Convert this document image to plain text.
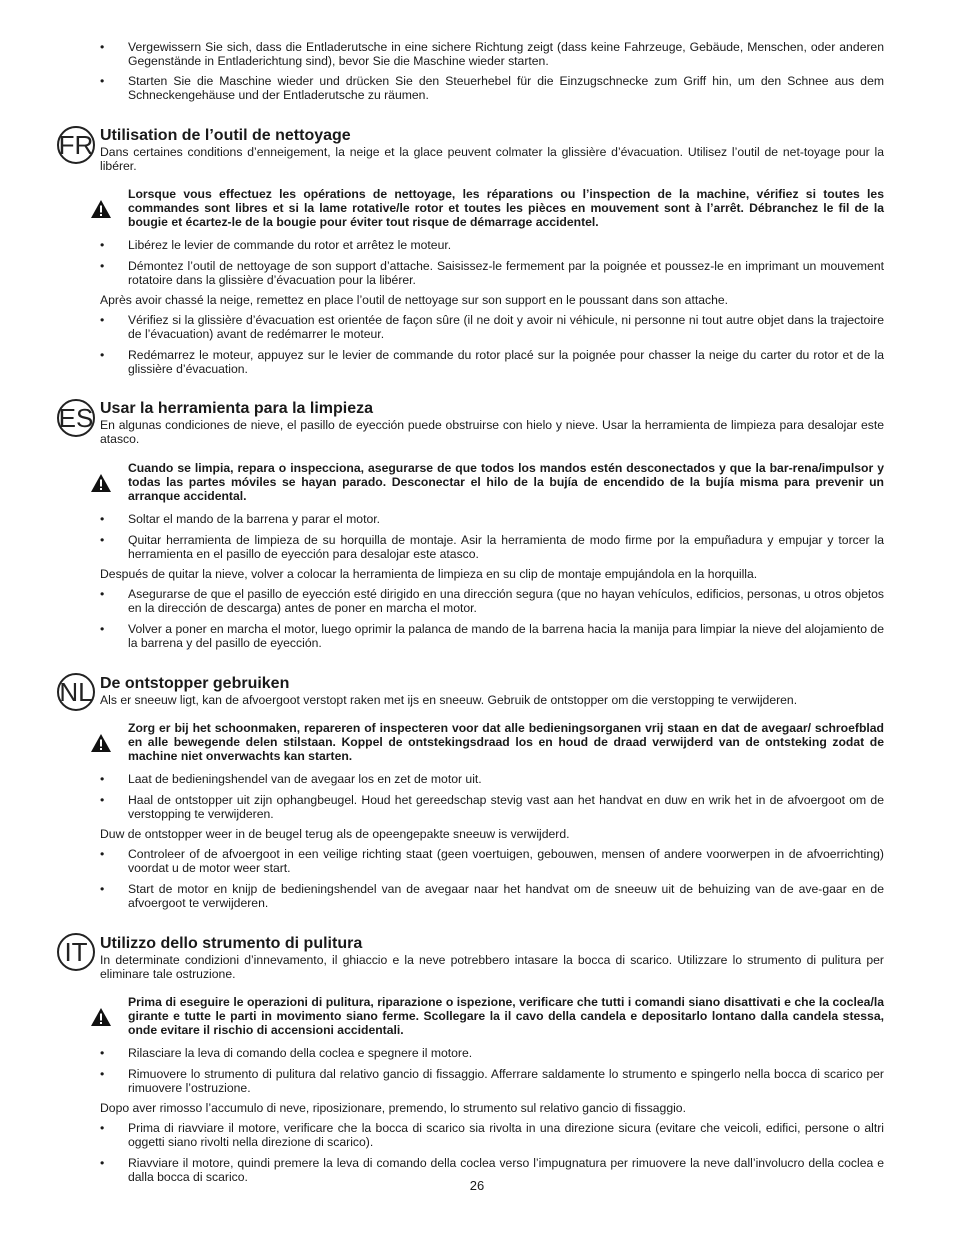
• Vergewissern Sie sich, dass die Entladerutsche in eine sichere Richtung zeigt (dass keine Fahrzeuge, Gebäude, Menschen, oder anderen Gegenstände in Entladerichtung sind), bevor Sie die Maschine wieder starten.

• Starten Sie die Maschine wieder und drücken Sie den Steuerhebel für die Einzugschnecke zum Griff hin, um den Schnee aus dem Schneckengehäuse und der Entladerutsche zu räumen.

FR Utilisation de l’outil de nettoyage

Dans certaines conditions d’enneigement, la neige et la glace peuvent colmater la glissière d’évacuation. Utilisez l’outil de net-toyage pour la libérer.

Lorsque vous effectuez les opérations de nettoyage, les réparations ou l’inspection de la machine, vérifiez si toutes les commandes sont libres et si la lame rotative/le rotor et toutes les pièces en mouvement sont à l’arrêt. Débranchez le fil de la bougie et écartez-le de la bougie pour éviter tout risque de démarrage accidentel.

• Libérez le levier de commande du rotor et arrêtez le moteur.

• Démontez l’outil de nettoyage de son support d’attache. Saisissez-le fermement par la poignée et poussez-le en imprimant un mouvement rotatoire dans la glissière d’évacuation pour la libérer.

Après avoir chassé la neige, remettez en place l’outil de nettoyage sur son support en le poussant dans son attache.

• Vérifiez si la glissière d’évacuation est orientée de façon sûre (il ne doit y avoir ni véhicule, ni personne ni tout autre objet dans la trajectoire de l’évacuation) avant de redémarrer le moteur.

• Redémarrez le moteur, appuyez sur le levier de commande du rotor placé sur la poignée pour chasser la neige du carter du rotor et de la glissière d’évacuation.

ES Usar la herramienta para la limpieza

En algunas condiciones de nieve, el pasillo de eyección puede obstruirse con hielo y nieve. Usar la herramienta de limpieza para desalojar este atasco.

Cuando se limpia, repara o inspecciona, asegurarse de que todos los mandos estén desconectados y que la bar-rena/impulsor y todas las partes móviles se hayan parado. Desconectar el hilo de la bujía de encendido de la bujía misma para prevenir un arranque accidental.

• Soltar el mando de la barrena y parar el motor.

• Quitar herramienta de limpieza de su horquilla de montaje. Asir la herramienta de modo firme por la empuñadura y empujar y torcer la herramienta en el pasillo de eyección para desalojar este atasco.

Después de quitar la nieve, volver a colocar la herramienta de limpieza en su clip de montaje empujándola en la horquilla.

• Asegurarse de que el pasillo de eyección esté dirigido en una dirección segura (que no hayan vehículos, edificios, personas, u otros objetos en la dirección de descarga) antes de poner en marcha el motor.

• Volver a poner en marcha el motor, luego oprimir la palanca de mando de la barrena hacia la manija para limpiar la nieve del alojamiento de la barrena y del pasillo de eyección.

NL De ontstopper gebruiken

Als er sneeuw ligt, kan de afvoergoot verstopt raken met ijs en sneeuw. Gebruik de ontstopper om die verstopping te verwijderen.

Zorg er bij het schoonmaken, repareren of inspecteren voor dat alle bedieningsorganen vrij staan en dat de avegaar/ schroefblad en alle bewegende delen stilstaan. Koppel de ontstekingsdraad los en houd de draad verwijderd van de ontsteking zodat de machine niet onverwachts kan starten.

• Laat de bedieningshendel van de avegaar los en zet de motor uit.

• Haal de ontstopper uit zijn ophangbeugel. Houd het gereedschap stevig vast aan het handvat en duw en wrik het in de afvoergoot om de verstopping te verwijderen.

Duw de ontstopper weer in de beugel terug als de opeengepakte sneeuw is verwijderd.

• Controleer of de afvoergoot in een veilige richting staat (geen voertuigen, gebouwen, mensen of andere voorwerpen in de afvoerrichting) voordat u de motor weer start.

• Start de motor en knijp de bedieningshendel van de avegaar naar het handvat om de sneeuw uit de behuizing van de ave-gaar en de afvoergoot te verwijderen.

IT Utilizzo dello strumento di pulitura

In determinate condizioni d’innevamento, il ghiaccio e la neve potrebbero intasare la bocca di scarico. Utilizzare lo strumento di pulitura per eliminare tale ostruzione.

Prima di eseguire le operazioni di pulitura, riparazione o ispezione, verificare che tutti i comandi siano disattivati e che la coclea/la girante e tutte le parti in movimento siano ferme. Scollegare la il cavo della candela e depositarlo lontano dalla candela stessa, onde evitare il rischio di accensioni accidentali.

• Rilasciare la leva di comando della coclea e spegnere il motore.

• Rimuovere lo strumento di pulitura dal relativo gancio di fissaggio. Afferrare saldamente lo strumento e spingerlo nella bocca di scarico per rimuovere l’ostruzione.

Dopo aver rimosso l’accumulo di neve, riposizionare, premendo, lo strumento sul relativo gancio di fissaggio.

• Prima di riavviare il motore, verificare che la bocca di scarico sia rivolta in una direzione sicura (evitare che veicoli, edifici, persone o altri oggetti siano rivolti nella direzione di scarico).

• Riavviare il motore, quindi premere la leva di comando della coclea verso l’impugnatura per rimuovere la neve dall’involucro della coclea e dalla bocca di scarico.

26
